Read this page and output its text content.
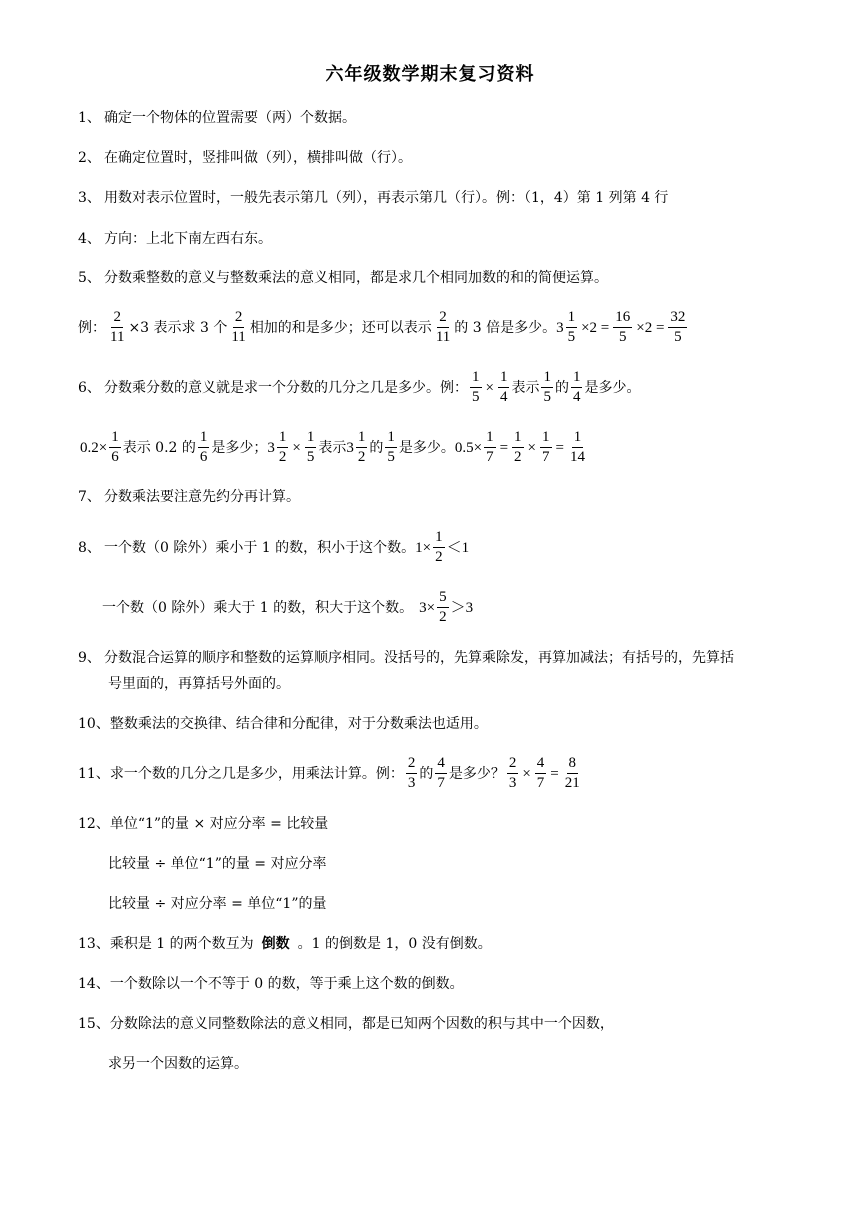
六年级数学期末复习资料
1、 确定一个物体的位置需要（两）个数据。
2、 在确定位置时，竖排叫做（列），横排叫做（行）。
3、 用数对表示位置时，一般先表示第几（列），再表示第几（行）。例：（1，4）第 1 列第 4 行
4、 方向：上北下南左西右东。
5、 分数乘整数的意义与整数乘法的意义相同，都是求几个相同加数的和的简便运算。
例： $\frac{2}{11} \times 3$ 表示求 3 个 $\frac{2}{11}$ 相加的和是多少；还可以表示 $\frac{2}{11}$ 的 3 倍是多少。 $3 \frac{1}{5} \times 2 = \frac{16}{5} \times 2 = \frac{32}{5}$
6、 分数乘分数的意义就是求一个分数的几分之几是多少。例： $\frac{1}{5} \times \frac{1}{4}$ 表示 $\frac{1}{5}$ 的 $\frac{1}{4}$ 是多少。
$0.2\times \frac{1}{6}$ 表示 0.2 的 $\frac{1}{6}$ 是多少； $3 \frac{1}{2} \times \frac{1}{5}$ 表示 $3 \frac{1}{2}$ 的 $\frac{1}{5}$ 是多少。 $0.5\times \frac{1}{7} = \frac{1}{2} \times \frac{1}{7} = \frac{1}{14}$
7、 分数乘法要注意先约分再计算。
8、 一个数（0 除外）乘小于 1 的数，积小于这个数。 $1\times \frac{1}{2} <1$
一个数（0 除外）乘大于 1 的数，积大于这个数。 $3\times \frac{5}{2} >3$
9、 分数混合运算的顺序和整数的运算顺序相同。没括号的，先算乘除发，再算加减法；有括号的，先算括
号里面的，再算括号外面的。
10、 整数乘法的交换律、结合律和分配律，对于分数乘法也适用。
11、 求一个数的几分之几是多少，用乘法计算。例： $\frac{2}{3}$ 的 $\frac{4}{7}$ 是多少？ $\frac{2}{3} \times \frac{4}{7} = \frac{8}{21}$
12、 单位“1”的量 × 对应分率 = 比较量
比较量 ÷ 单位“1”的量 = 对应分率
比较量 ÷ 对应分率 = 单位“1”的量
13、 乘积是 1 的两个数互为 倒数 。1 的倒数是 1，0 没有倒数。
14、 一个数除以一个不等于 0 的数，等于乘上这个数的倒数。
15、 分数除法的意义同整数除法的意义相同，都是已知两个因数的积与其中一个因数，
求另一个因数的运算。
